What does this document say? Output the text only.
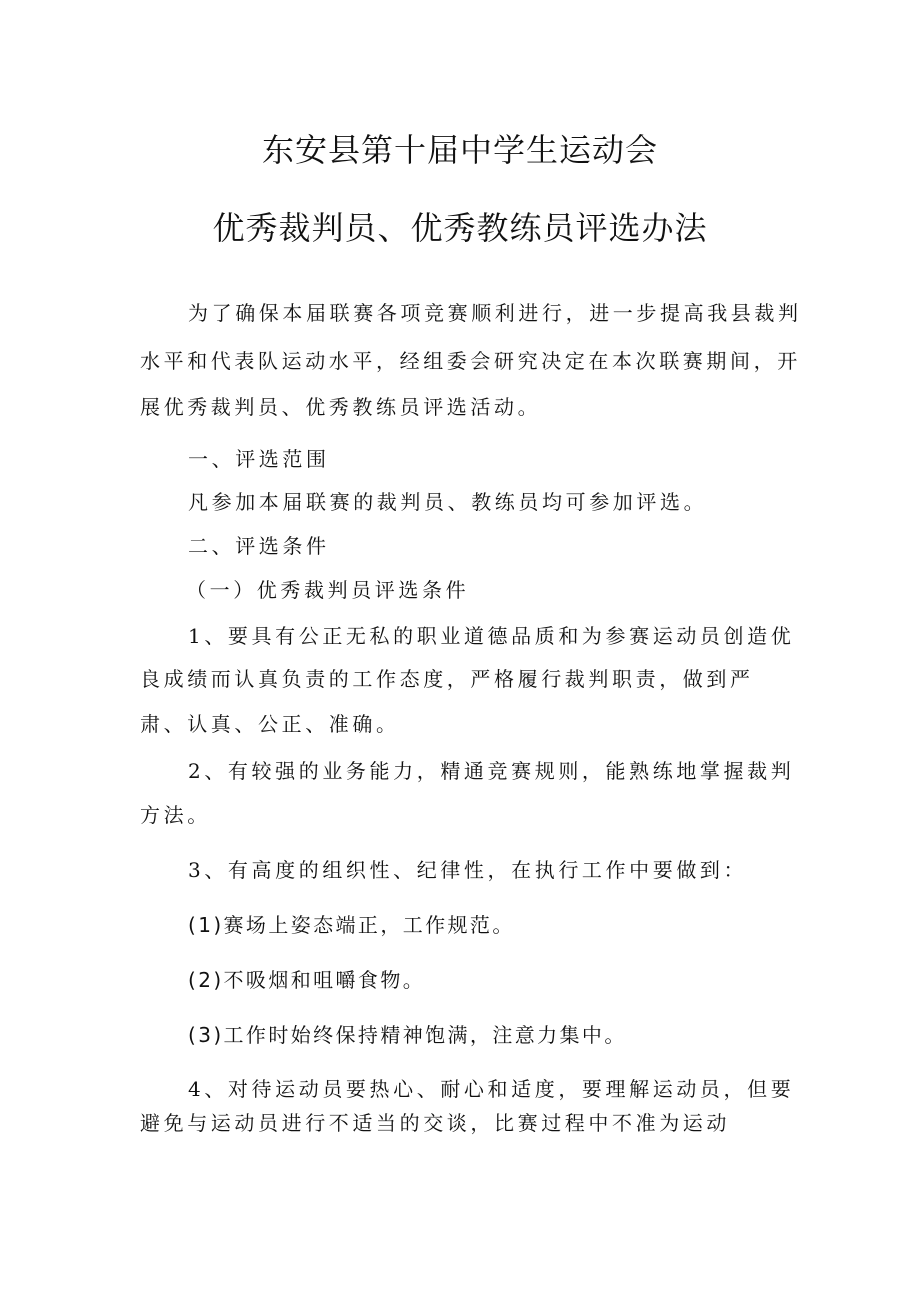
东安县第十届中学生运动会
优秀裁判员、优秀教练员评选办法
为了确保本届联赛各项竞赛顺利进行，进一步提高我县裁判
水平和代表队运动水平，经组委会研究决定在本次联赛期间，开
展优秀裁判员、优秀教练员评选活动。
一、评选范围
凡参加本届联赛的裁判员、教练员均可参加评选。
二、评选条件
（一）优秀裁判员评选条件
1、要具有公正无私的职业道德品质和为参赛运动员创造优
良成绩而认真负责的工作态度，严格履行裁判职责，做到严
肃、认真、公正、准确。
2、有较强的业务能力，精通竞赛规则，能熟练地掌握裁判
方法。
3、有高度的组织性、纪律性，在执行工作中要做到：
(1)赛场上姿态端正，工作规范。
(2)不吸烟和咀嚼食物。
(3)工作时始终保持精神饱满，注意力集中。
4、对待运动员要热心、耐心和适度，要理解运动员，但要
避免与运动员进行不适当的交谈，比赛过程中不准为运动
